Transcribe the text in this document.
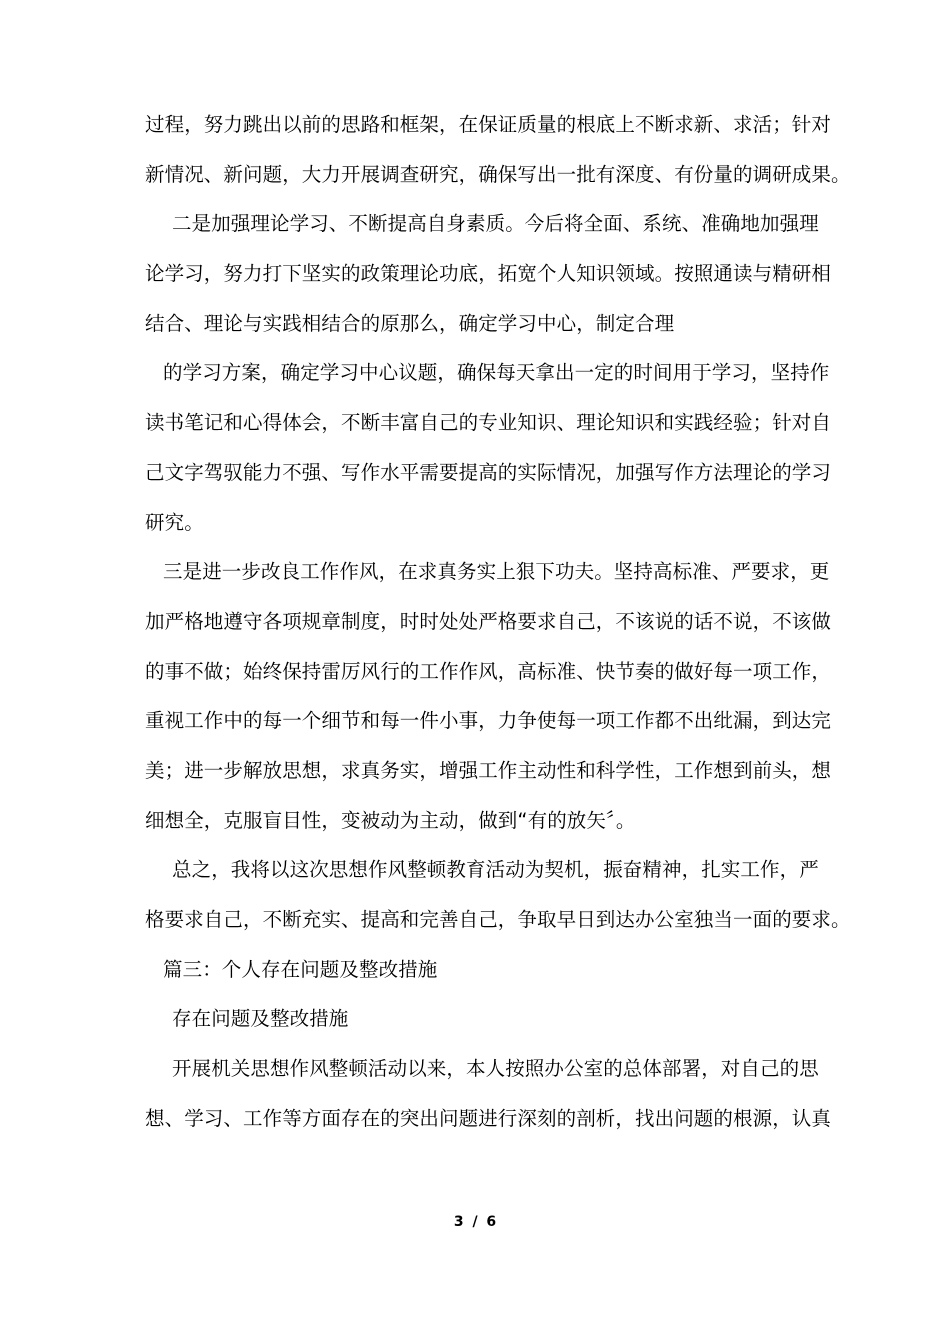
过程，努力跳出以前的思路和框架，在保证质量的根底上不断求新、求活；针对
新情况、新问题，大力开展调查研究，确保写出一批有深度、有份量的调研成果。
二是加强理论学习、不断提高自身素质。今后将全面、系统、准确地加强理
论学习，努力打下坚实的政策理论功底，拓宽个人知识领域。按照通读与精研相
结合、理论与实践相结合的原那么，确定学习中心，制定合理
的学习方案，确定学习中心议题，确保每天拿出一定的时间用于学习，坚持作
读书笔记和心得体会，不断丰富自己的专业知识、理论知识和实践经验；针对自
己文字驾驭能力不强、写作水平需要提高的实际情况，加强写作方法理论的学习
研究。
三是进一步改良工作作风，在求真务实上狠下功夫。坚持高标准、严要求，更
加严格地遵守各项规章制度，时时处处严格要求自己，不该说的话不说，不该做
的事不做；始终保持雷厉风行的工作作风，高标准、快节奏的做好每一项工作，
重视工作中的每一个细节和每一件小事，力争使每一项工作都不出纰漏，到达完
美；进一步解放思想，求真务实，增强工作主动性和科学性，工作想到前头，想
细想全，克服盲目性，变被动为主动，做到“有的放矢〞。
总之，我将以这次思想作风整顿教育活动为契机，振奋精神，扎实工作，严
格要求自己，不断充实、提高和完善自己，争取早日到达办公室独当一面的要求。
篇三：个人存在问题及整改措施
存在问题及整改措施
开展机关思想作风整顿活动以来，本人按照办公室的总体部署，对自己的思
想、学习、工作等方面存在的突出问题进行深刻的剖析，找出问题的根源，认真
3 / 6
